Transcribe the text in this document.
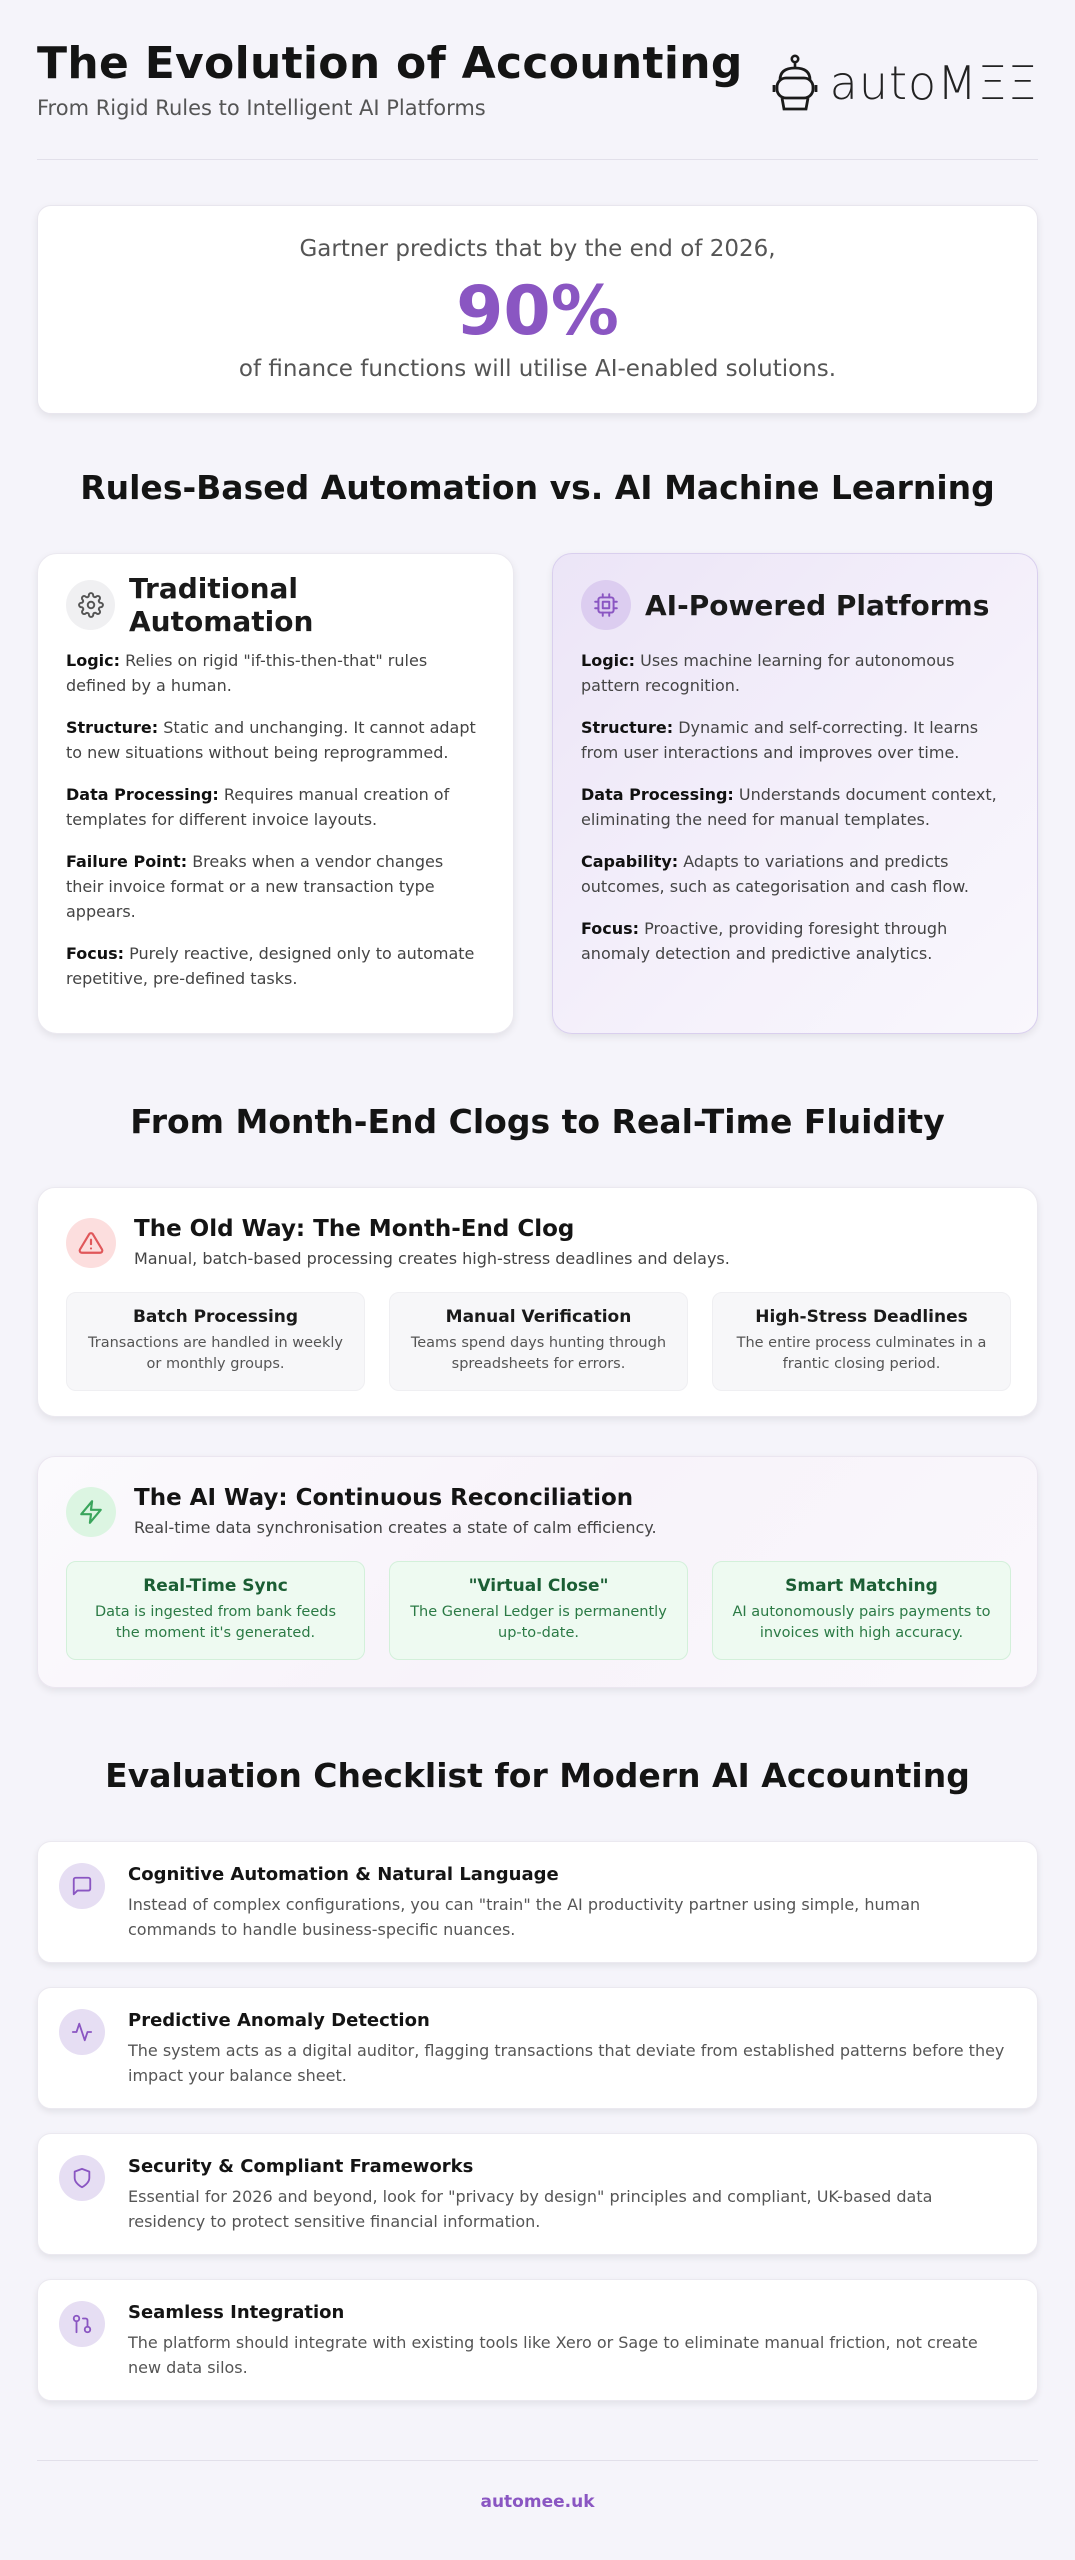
The Evolution of Accounting
From Rigid Rules to Intelligent AI Platforms	autoMΞΞ
Gartner predicts that by the end of 2026,
90%
of finance functions will utilise AI-enabled solutions.
Rules-Based Automation vs. AI Machine Learning
Traditional Automation
Logic: Relies on rigid "if-this-then-that" rules defined by a human.
Structure: Static and unchanging. It cannot adapt to new situations without being reprogrammed.
Data Processing: Requires manual creation of templates for different invoice layouts.
Failure Point: Breaks when a vendor changes their invoice format or a new transaction type appears.
Focus: Purely reactive, designed only to automate repetitive, pre-defined tasks.
AI-Powered Platforms
Logic: Uses machine learning for autonomous pattern recognition.
Structure: Dynamic and self-correcting. It learns from user interactions and improves over time.
Data Processing: Understands document context, eliminating the need for manual templates.
Capability: Adapts to variations and predicts outcomes, such as categorisation and cash flow.
Focus: Proactive, providing foresight through anomaly detection and predictive analytics.
From Month-End Clogs to Real-Time Fluidity
The Old Way: The Month-End Clog
Manual, batch-based processing creates high-stress deadlines and delays.
Batch Processing
Transactions are handled in weekly or monthly groups.
Manual Verification
Teams spend days hunting through spreadsheets for errors.
High-Stress Deadlines
The entire process culminates in a frantic closing period.
The AI Way: Continuous Reconciliation
Real-time data synchronisation creates a state of calm efficiency.
Real-Time Sync
Data is ingested from bank feeds the moment it's generated.
"Virtual Close"
The General Ledger is permanently up-to-date.
Smart Matching
AI autonomously pairs payments to invoices with high accuracy.
Evaluation Checklist for Modern AI Accounting
Cognitive Automation & Natural Language
Instead of complex configurations, you can "train" the AI productivity partner using simple, human commands to handle business-specific nuances.
Predictive Anomaly Detection
The system acts as a digital auditor, flagging transactions that deviate from established patterns before they impact your balance sheet.
Security & Compliant Frameworks
Essential for 2026 and beyond, look for "privacy by design" principles and compliant, UK-based data residency to protect sensitive financial information.
Seamless Integration
The platform should integrate with existing tools like Xero or Sage to eliminate manual friction, not create new data silos.
automee.uk
